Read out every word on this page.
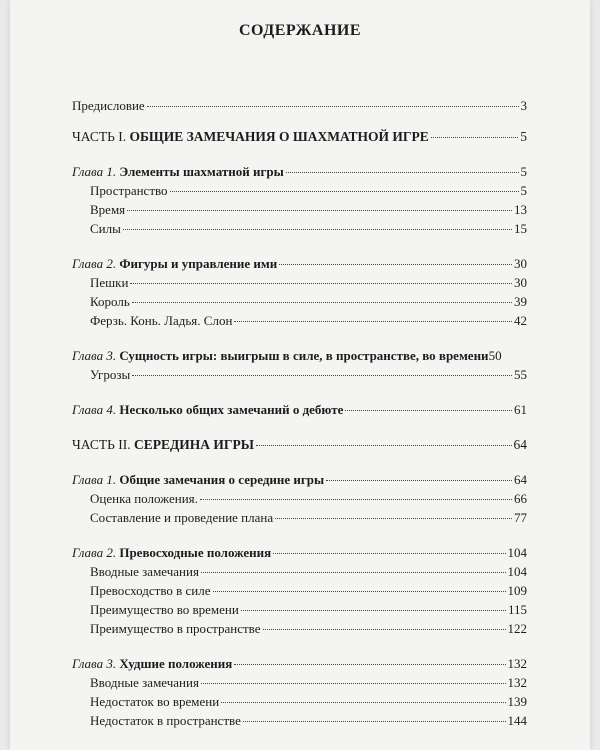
СОДЕРЖАНИЕ
Предисловие	3
ЧАСТЬ I. ОБЩИЕ ЗАМЕЧАНИЯ О ШАХМАТНОЙ ИГРЕ	5
Глава 1. Элементы шахматной игры	5
Пространство	5
Время	13
Силы	15
Глава 2. Фигуры и управление ими	30
Пешки	30
Король	39
Ферзь. Конь. Ладья. Слон	42
Глава 3. Сущность игры: выигрыш в силе, в пространстве, во времени 50
Угрозы	55
Глава 4. Несколько общих замечаний о дебюте	61
ЧАСТЬ II. СЕРЕДИНА ИГРЫ	64
Глава 1. Общие замечания о середине игры	64
Оценка положения.	66
Составление и проведение плана	77
Глава 2. Превосходные положения	104
Вводные замечания	104
Превосходство в силе	109
Преимущество во времени	115
Преимущество в пространстве	122
Глава 3. Худшие положения	132
Вводные замечания	132
Недостаток во времени	139
Недостаток в пространстве	144
